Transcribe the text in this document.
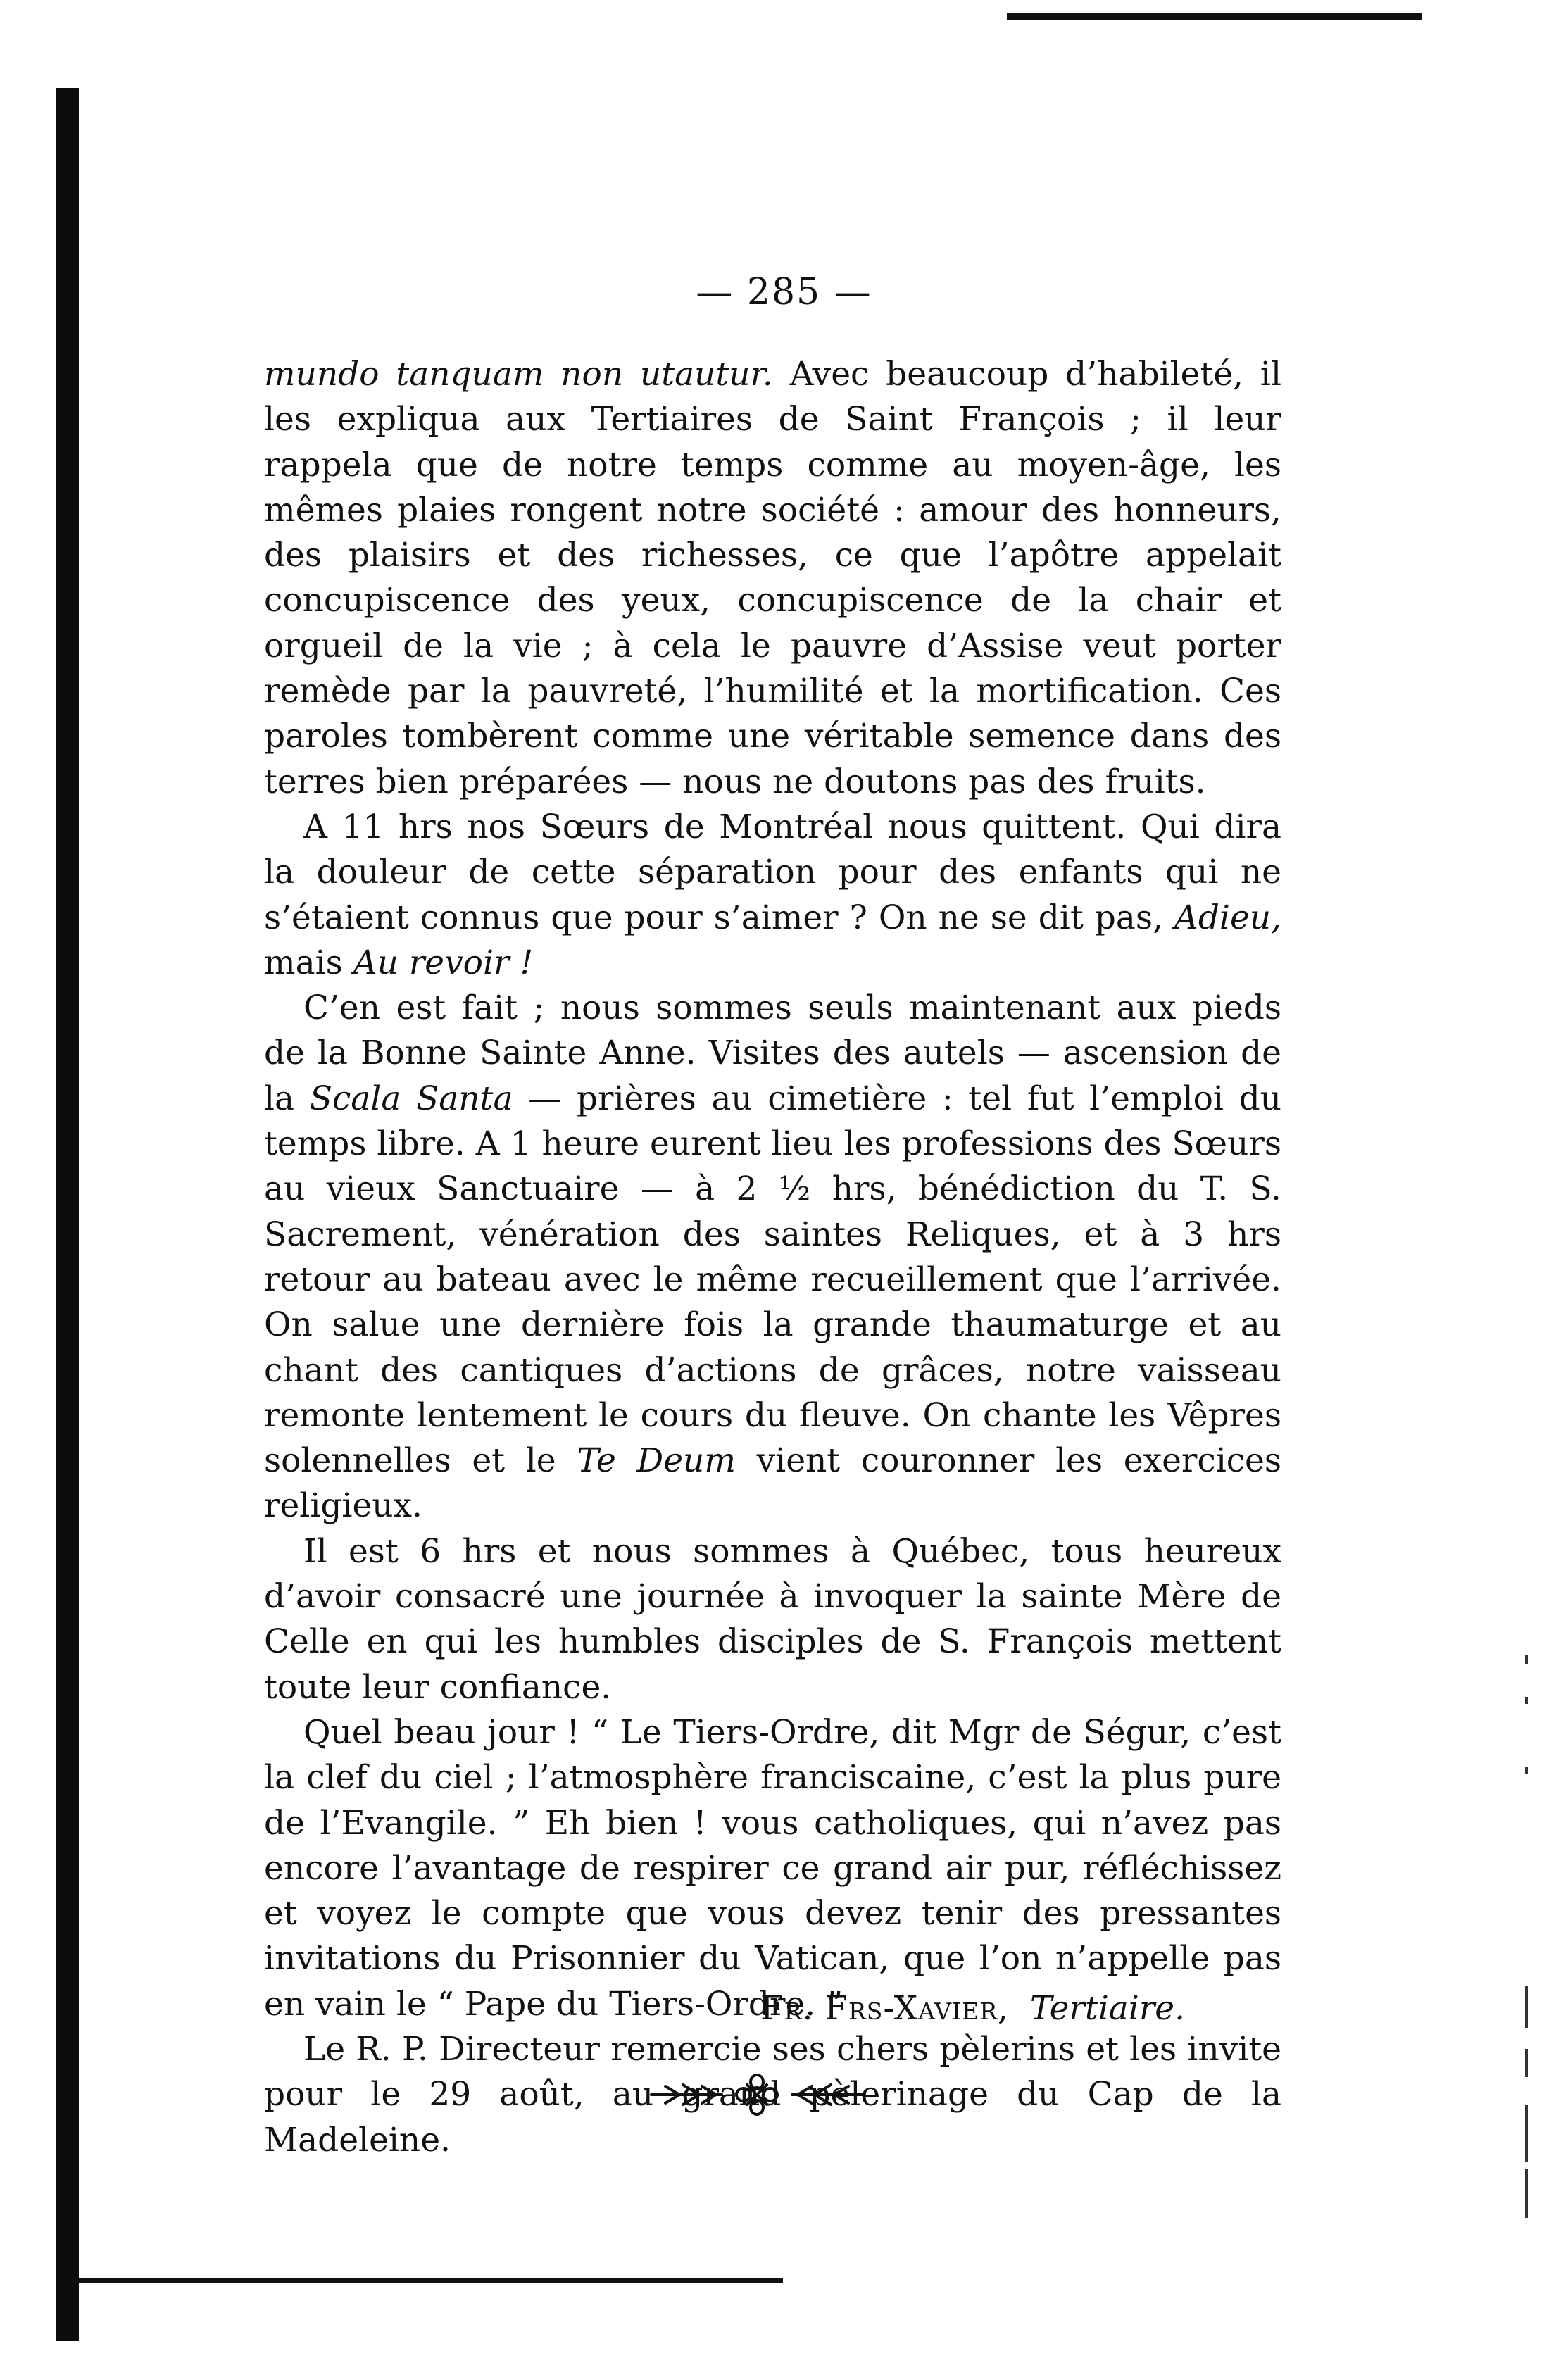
— 285 —

mundo tanquam non utautur. Avec beaucoup d’habileté, il les expliqua aux Tertiaires de Saint François ; il leur rappela que de notre temps comme au moyen-âge, les mêmes plaies rongent notre société : amour des honneurs, des plaisirs et des richesses, ce que l’apôtre appelait concupiscence des yeux, concupiscence de la chair et orgueil de la vie ; à cela le pauvre d’Assise veut porter remède par la pauvreté, l’humilité et la mortification. Ces paroles tombèrent comme une véritable semence dans des terres bien préparées — nous ne doutons pas des fruits.

A 11 hrs nos Sœurs de Montréal nous quittent. Qui dira la douleur de cette séparation pour des enfants qui ne s’étaient connus que pour s’aimer ? On ne se dit pas, Adieu, mais Au revoir !

C’en est fait ; nous sommes seuls maintenant aux pieds de la Bonne Sainte Anne. Visites des autels — ascension de la Scala Santa — prières au cimetière : tel fut l’emploi du temps libre. A 1 heure eurent lieu les professions des Sœurs au vieux Sanctuaire — à 2 ½ hrs, bénédiction du T. S. Sacrement, vénération des saintes Reliques, et à 3 hrs retour au bateau avec le même recueillement que l’arrivée. On salue une dernière fois la grande thaumaturge et au chant des cantiques d’actions de grâces, notre vaisseau remonte lentement le cours du fleuve. On chante les Vêpres solennelles et le Te Deum vient couronner les exercices religieux.

Il est 6 hrs et nous sommes à Québec, tous heureux d’avoir consacré une journée à invoquer la sainte Mère de Celle en qui les humbles disciples de S. François mettent toute leur confiance.

Quel beau jour ! “ Le Tiers-Ordre, dit Mgr de Ségur, c’est la clef du ciel ; l’atmosphère franciscaine, c’est la plus pure de l’Evangile. ” Eh bien ! vous catholiques, qui n’avez pas encore l’avantage de respirer ce grand air pur, réfléchissez et voyez le compte que vous devez tenir des pressantes invitations du Prisonnier du Vatican, que l’on n’appelle pas en vain le “ Pape du Tiers-Ordre. ”

Le R. P. Directeur remercie ses chers pèlerins et les invite pour le 29 août, au grand pèlerinage du Cap de la Madeleine.

Fr. Frs-Xavier, Tertiaire.
